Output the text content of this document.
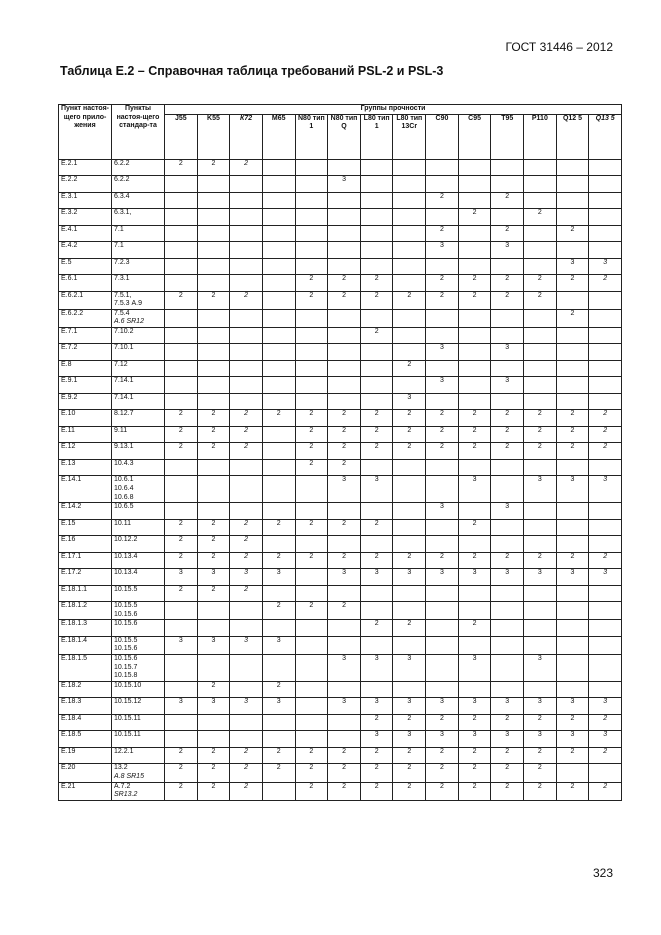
ГОСТ 31446 – 2012
Таблица Е.2 – Справочная таблица требований PSL-2 и PSL-3
Пункт настоя-щего прило-жения	Пункты настоя-щего стандар-та	Группы прочности													
		J55	K55	К72	M65	N80 тип 1	N80 тип Q	L80 тип 1	L80 тип 13Cr	C90	C95	T95	P110	Q12 5	Q13 5
Е.2.1	6.2.2	2	2	2											
Е.2.2	6.2.2						3								
Е.3.1	6.3.4									2		2			
Е.3.2	6.3.1,										2		2		
Е.4.1	7.1									2		2		2	
Е.4.2	7.1									3		3			
Е.5	7.2.3													3	3
Е.6.1	7.3.1					2	2	2		2	2	2	2	2	2
Е.6.2.1	7.5.1,
7.5.3 А.9	2	2	2		2	2	2	2	2	2	2	2		
Е.6.2.2	7.5.4
A.6 SR12													2	
Е.7.1	7.10.2							2							
Е.7.2	7.10.1									3		3			
Е.8	7.12								2						
Е.9.1	7.14.1									3		3			
Е.9.2	7.14.1								3						
Е.10	8.12.7	2	2	2	2	2	2	2	2	2	2	2	2	2	2
Е.11	9.11	2	2	2		2	2	2	2	2	2	2	2	2	2
Е.12	9.13.1	2	2	2		2	2	2	2	2	2	2	2	2	2
Е.13	10.4.3					2	2								
Е.14.1	10.6.1
10.6.4
10.6.8						3	3			3		3	3	3
Е.14.2	10.6.5									3		3			
Е.15	10.11	2	2	2	2	2	2	2			2				
Е.16	10.12.2	2	2	2											
Е.17.1	10.13.4	2	2	2	2	2	2	2	2	2	2	2	2	2	2
Е.17.2	10.13.4	3	3	3	3		3	3	3	3	3	3	3	3	3
Е.18.1.1	10.15.5	2	2	2											
Е.18.1.2	10.15.5
10.15.6				2	2	2								
Е.18.1.3	10.15.6							2	2		2				
Е.18.1.4	10.15.5
10.15.6	3	3	3	3										
Е.18.1.5	10.15.6
10.15.7
10.15.8						3	3	3		3		3		
Е.18.2	10.15.10		2		2										
Е.18.3	10.15.12	3	3	3	3		3	3	3	3	3	3	3	3	3
Е.18.4	10.15.11							2	2	2	2	2	2	2	2
Е.18.5	10.15.11							3	3	3	3	3	3	3	3
Е.19	12.2.1	2	2	2	2	2	2	2	2	2	2	2	2	2	2
Е.20	13.2
A.8 SR15	2	2	2	2	2	2	2	2	2	2	2	2		
Е.21	A.7.2
SR13.2	2	2	2		2	2	2	2	2	2	2	2	2	2
323
